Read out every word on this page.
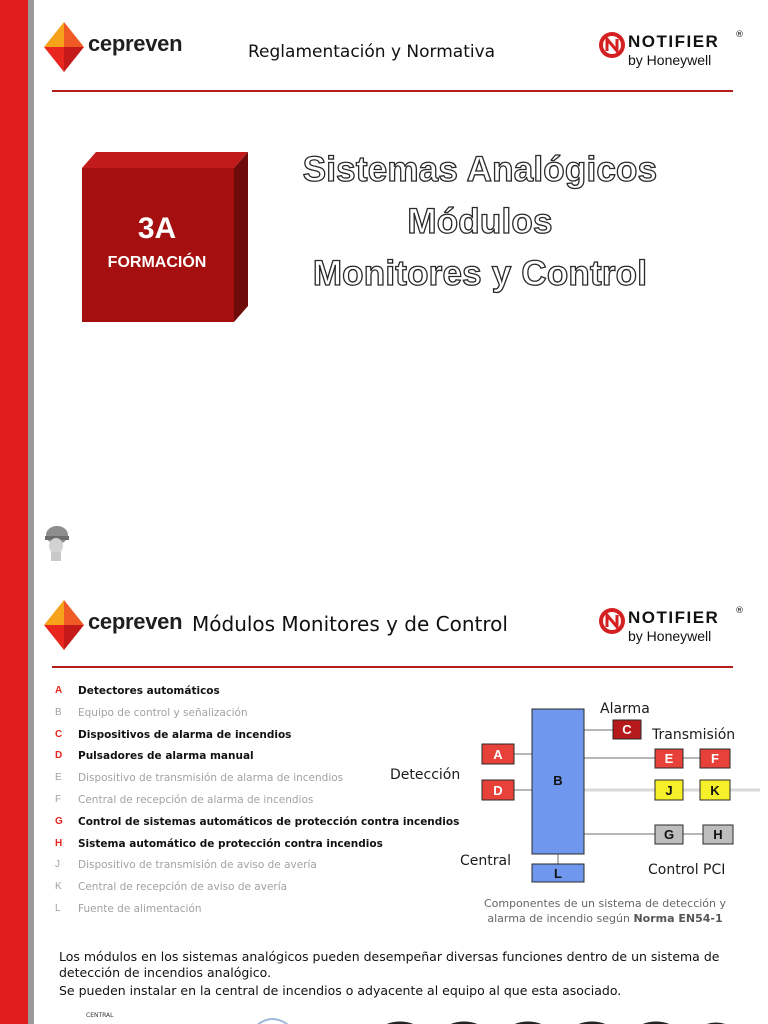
cepreven	Reglamentación y Normativa
NOTIFIER ®
by Honeywell
3A
FORMACIÓN
Sistemas Analógicos
Módulos
Monitores y Control
cepreven Módulos Monitores y de Control	NOTIFIER ®
by Honeywell
A	Detectores automáticos
B	Equipo de control y señalización
C	Dispositivos de alarma de incendios
D	Pulsadores de alarma manual
E	Dispositivo de transmisión de alarma de incendios
F	Central de recepción de alarma de incendios
G	Control de sistemas automáticos de protección contra incendios
H	Sistema automático de protección contra incendios
J	Dispositivo de transmisión de aviso de avería
K	Central de recepción de aviso de avería
L	Fuente de alimentación
A
D
B
C
E	F
J	K
G	H
L
Alarma
Transmisión
Detección
Central
Control PCI
Componentes de un sistema de detección y
alarma de incendio según Norma EN54-1
Los módulos en los sistemas analógicos pueden desempeñar diversas funciones dentro de un sistema de detección de incendios analógico.
Se pueden instalar en la central de incendios o adyacente al equipo al que esta asociado.
CENTRAL
